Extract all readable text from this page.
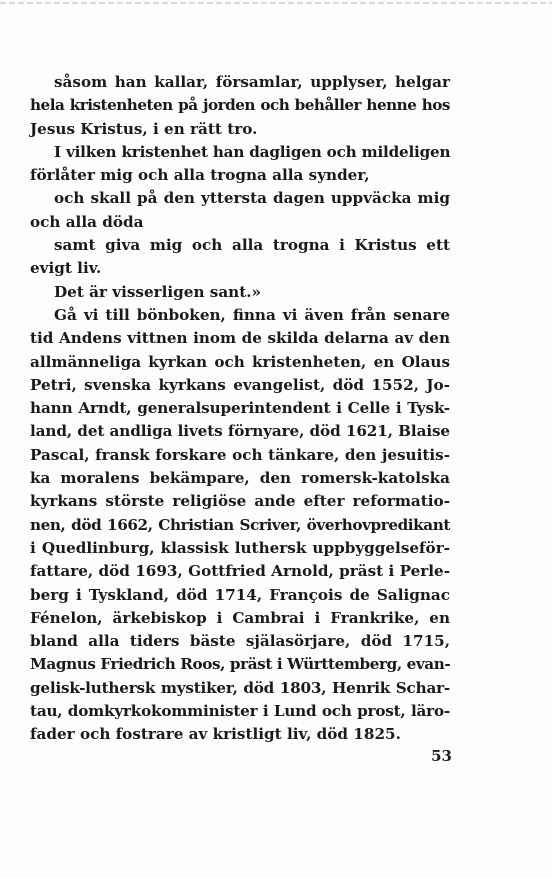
såsom han kallar, församlar, upplyser, helgar
hela kristenheten på jorden och behåller henne hos
Jesus Kristus, i en rätt tro.
I vilken kristenhet han dagligen och mildeligen
förlåter mig och alla trogna alla synder,
och skall på den yttersta dagen uppväcka mig
och alla döda
samt giva mig och alla trogna i Kristus ett
evigt liv.
Det är visserligen sant.»
Gå vi till bönboken, finna vi även från senare
tid Andens vittnen inom de skilda delarna av den
allmänneliga kyrkan och kristenheten, en Olaus
Petri, svenska kyrkans evangelist, död 1552, Jo-
hann Arndt, generalsuperintendent i Celle i Tysk-
land, det andliga livets förnyare, död 1621, Blaise
Pascal, fransk forskare och tänkare, den jesuitis-
ka moralens bekämpare, den romersk-katolska
kyrkans störste religiöse ande efter reformatio-
nen, död 1662, Christian Scriver, överhovpredikant
i Quedlinburg, klassisk luthersk uppbyggelseför-
fattare, död 1693, Gottfried Arnold, präst i Perle-
berg i Tyskland, död 1714, François de Salignac
Fénelon, ärkebiskop i Cambrai i Frankrike, en
bland alla tiders bäste själasörjare, död 1715,
Magnus Friedrich Roos, präst i Württemberg, evan-
gelisk-luthersk mystiker, död 1803, Henrik Schar-
tau, domkyrkokomminister i Lund och prost, läro-
fader och fostrare av kristligt liv, död 1825.
53
